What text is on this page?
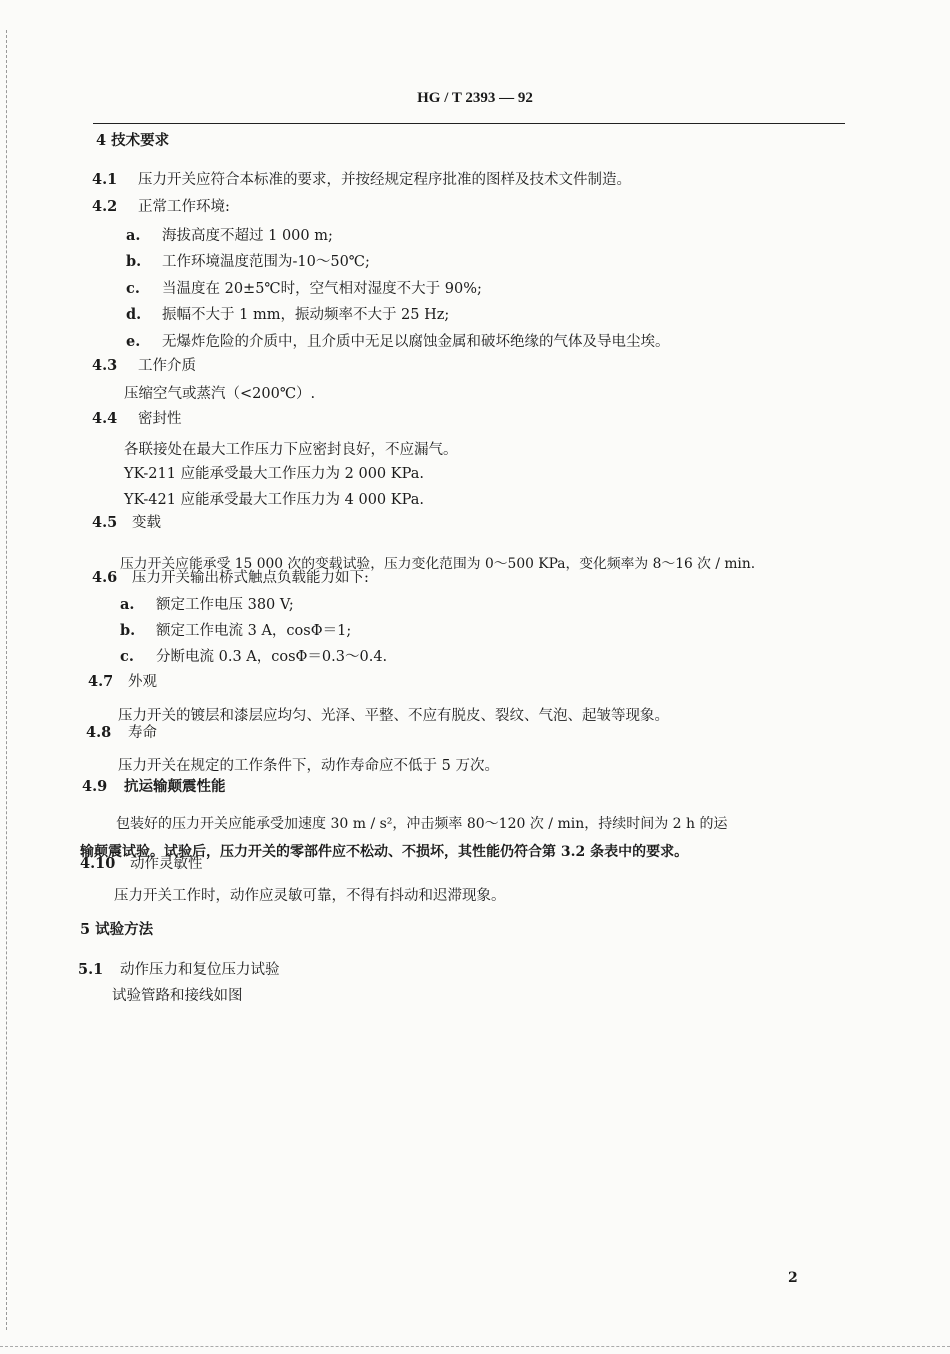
HG / T 2393 — 92
4 技术要求
4.1 压力开关应符合本标准的要求，并按经规定程序批准的图样及技术文件制造。
4.2 正常工作环境:
a. 海拔高度不超过 1 000 m;
b. 工作环境温度范围为-10～50℃;
c. 当温度在 20±5℃时，空气相对湿度不大于 90%;
d. 振幅不大于 1 mm，振动频率不大于 25 Hz;
e. 无爆炸危险的介质中，且介质中无足以腐蚀金属和破坏绝缘的气体及导电尘埃。
4.3 工作介质
压缩空气或蒸汽（<200℃）.
4.4 密封性
各联接处在最大工作压力下应密封良好，不应漏气。
YK-211 应能承受最大工作压力为 2 000 KPa.
YK-421 应能承受最大工作压力为 4 000 KPa.
4.5 变载
压力开关应能承受 15 000 次的变载试验，压力变化范围为 0～500 KPa，变化频率为 8～16 次 / min.
4.6 压力开关输出桥式触点负载能力如下:
a. 额定工作电压 380 V;
b. 额定工作电流 3 A，cosΦ＝1;
c. 分断电流 0.3 A，cosΦ＝0.3～0.4.
4.7 外观
压力开关的镀层和漆层应均匀、光泽、平整、不应有脱皮、裂纹、气泡、起皱等现象。
4.8 寿命
压力开关在规定的工作条件下，动作寿命应不低于 5 万次。
4.9 抗运输颠震性能
包装好的压力开关应能承受加速度 30 m / s²，冲击频率 80～120 次 / min，持续时间为 2 h 的运
输颠震试验。试验后，压力开关的零部件应不松动、不损坏，其性能仍符合第 3.2 条表中的要求。
4.10 动作灵敏性
压力开关工作时，动作应灵敏可靠，不得有抖动和迟滞现象。
5 试验方法
5.1 动作压力和复位压力试验
试验管路和接线如图
2
